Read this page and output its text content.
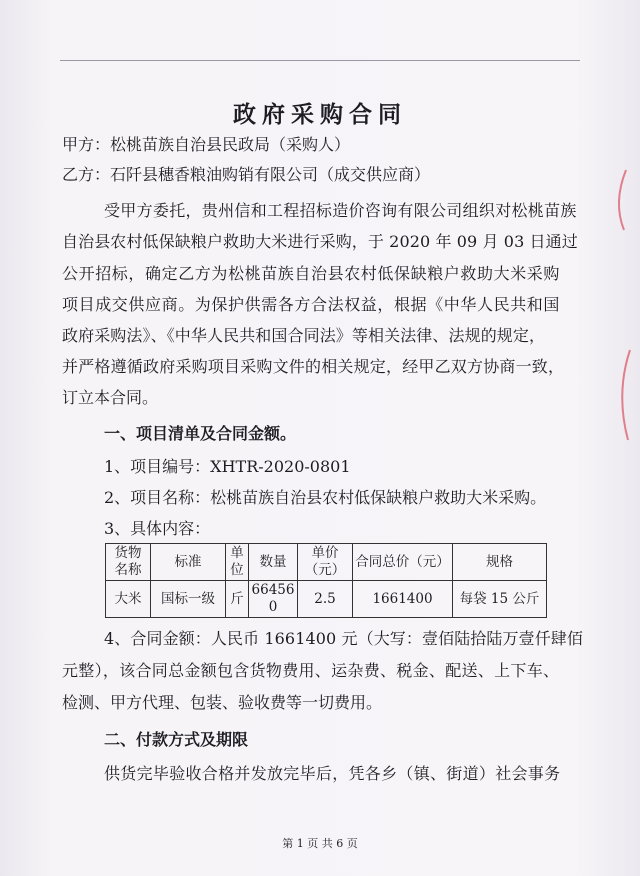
政府采购合同
甲方：松桃苗族自治县民政局（采购人）
乙方：石阡县穗香粮油购销有限公司（成交供应商）
受甲方委托，贵州信和工程招标造价咨询有限公司组织对松桃苗族
自治县农村低保缺粮户救助大米进行采购，于 2020 年 09 月 03 日通过
公开招标，确定乙方为松桃苗族自治县农村低保缺粮户救助大米采购
项目成交供应商。为保护供需各方合法权益，根据《中华人民共和国
政府采购法》、《中华人民共和国合同法》等相关法律、法规的规定，
并严格遵循政府采购项目采购文件的相关规定，经甲乙双方协商一致，
订立本合同。
一、项目清单及合同金额。
1、项目编号：XHTR-2020-0801
2、项目名称：松桃苗族自治县农村低保缺粮户救助大米采购。
3、具体内容：
货物名称	标准	单位	数量	单价（元）	合同总价（元）	规格
大米	国标一级	斤	664560	2.5	1661400	每袋 15 公斤
4、合同金额：人民币 1661400 元（大写：壹佰陆拾陆万壹仟肆佰
元整），该合同总金额包含货物费用、运杂费、税金、配送、上下车、
检测、甲方代理、包装、验收费等一切费用。
二、付款方式及期限
供货完毕验收合格并发放完毕后，凭各乡（镇、街道）社会事务
第 1 页 共 6 页
